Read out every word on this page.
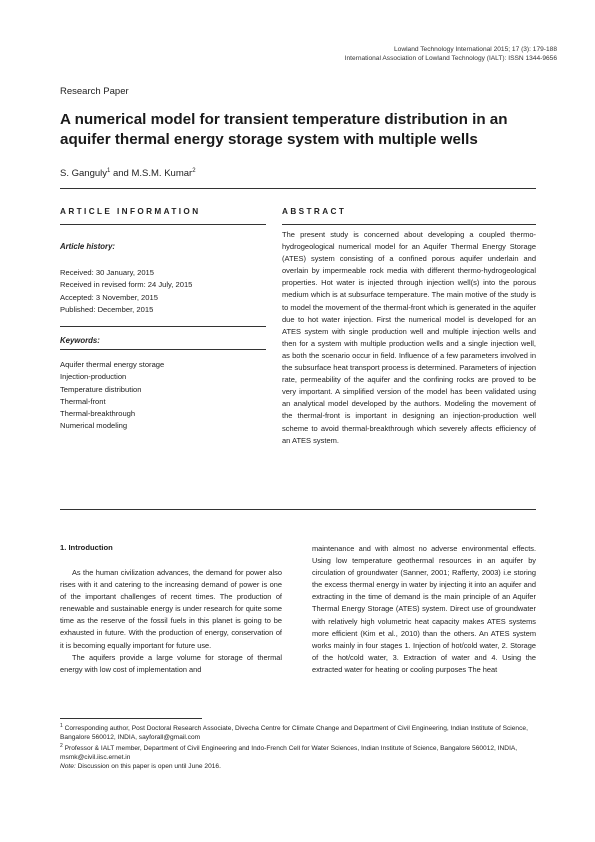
Lowland Technology International 2015; 17 (3): 179-188
International Association of Lowland Technology (IALT): ISSN 1344-9656
Research Paper
A numerical model for transient temperature distribution in an aquifer thermal energy storage system with multiple wells
S. Ganguly$^1$ and M.S.M. Kumar$^2$
ARTICLE INFORMATION
Article history:
Received: 30 January, 2015
Received in revised form: 24 July, 2015
Accepted: 3 November, 2015
Published: December, 2015
Keywords:
Aquifer thermal energy storage
Injection-production
Temperature distribution
Thermal-front
Thermal-breakthrough
Numerical modeling
ABSTRACT
The present study is concerned about developing a coupled thermo-hydrogeological numerical model for an Aquifer Thermal Energy Storage (ATES) system consisting of a confined porous aquifer underlain and overlain by impermeable rock media with different thermo-hydrogeological properties. Hot water is injected through injection well(s) into the porous medium which is at subsurface temperature. The main motive of the study is to model the movement of the thermal-front which is generated in the aquifer due to hot water injection. First the numerical model is developed for an ATES system with single production well and multiple injection wells and then for a system with multiple production wells and a single injection well, as both the scenario occur in field. Influence of a few parameters involved in the subsurface heat transport process is determined. Parameters of injection rate, permeability of the aquifer and the confining rocks are proved to be very important. A simplified version of the model has been validated using an analytical model developed by the authors. Modeling the movement of the thermal-front is important in designing an injection-production well scheme to avoid thermal-breakthrough which severely affects efficiency of an ATES system.
1. Introduction

As the human civilization advances, the demand for power also rises with it and catering to the increasing demand of power is one of the important challenges of recent times. The production of renewable and sustainable energy is under research for quite some time as the reserve of the fossil fuels in this planet is going to be exhausted in future. With the production of energy, conservation of it is becoming equally important for future use.

The aquifers provide a large volume for storage of thermal energy with low cost of implementation and

maintenance and with almost no adverse environmental effects. Using low temperature geothermal resources in an aquifer by circulation of groundwater (Sanner, 2001; Rafferty, 2003) i.e storing the excess thermal energy in water by injecting it into an aquifer and extracting in the time of demand is the main principle of an Aquifer Thermal Energy Storage (ATES) system. Direct use of groundwater with relatively high volumetric heat capacity makes ATES systems more efficient (Kim et al., 2010) than the others. An ATES system works mainly in four stages 1. Injection of hot/cold water, 2. Storage of the hot/cold water, 3. Extraction of water and 4. Using the extracted water for heating or cooling purposes The heat
$^1$ Corresponding author, Post Doctoral Research Associate, Divecha Centre for Climate Change and Department of Civil Engineering, Indian Institute of Science, Bangalore 560012, INDIA, sayforall@gmail.com
$^2$ Professor & IALT member, Department of Civil Engineering and Indo-French Cell for Water Sciences, Indian Institute of Science, Bangalore 560012, INDIA, msmk@civil.iisc.ernet.in
Note: Discussion on this paper is open until June 2016.
